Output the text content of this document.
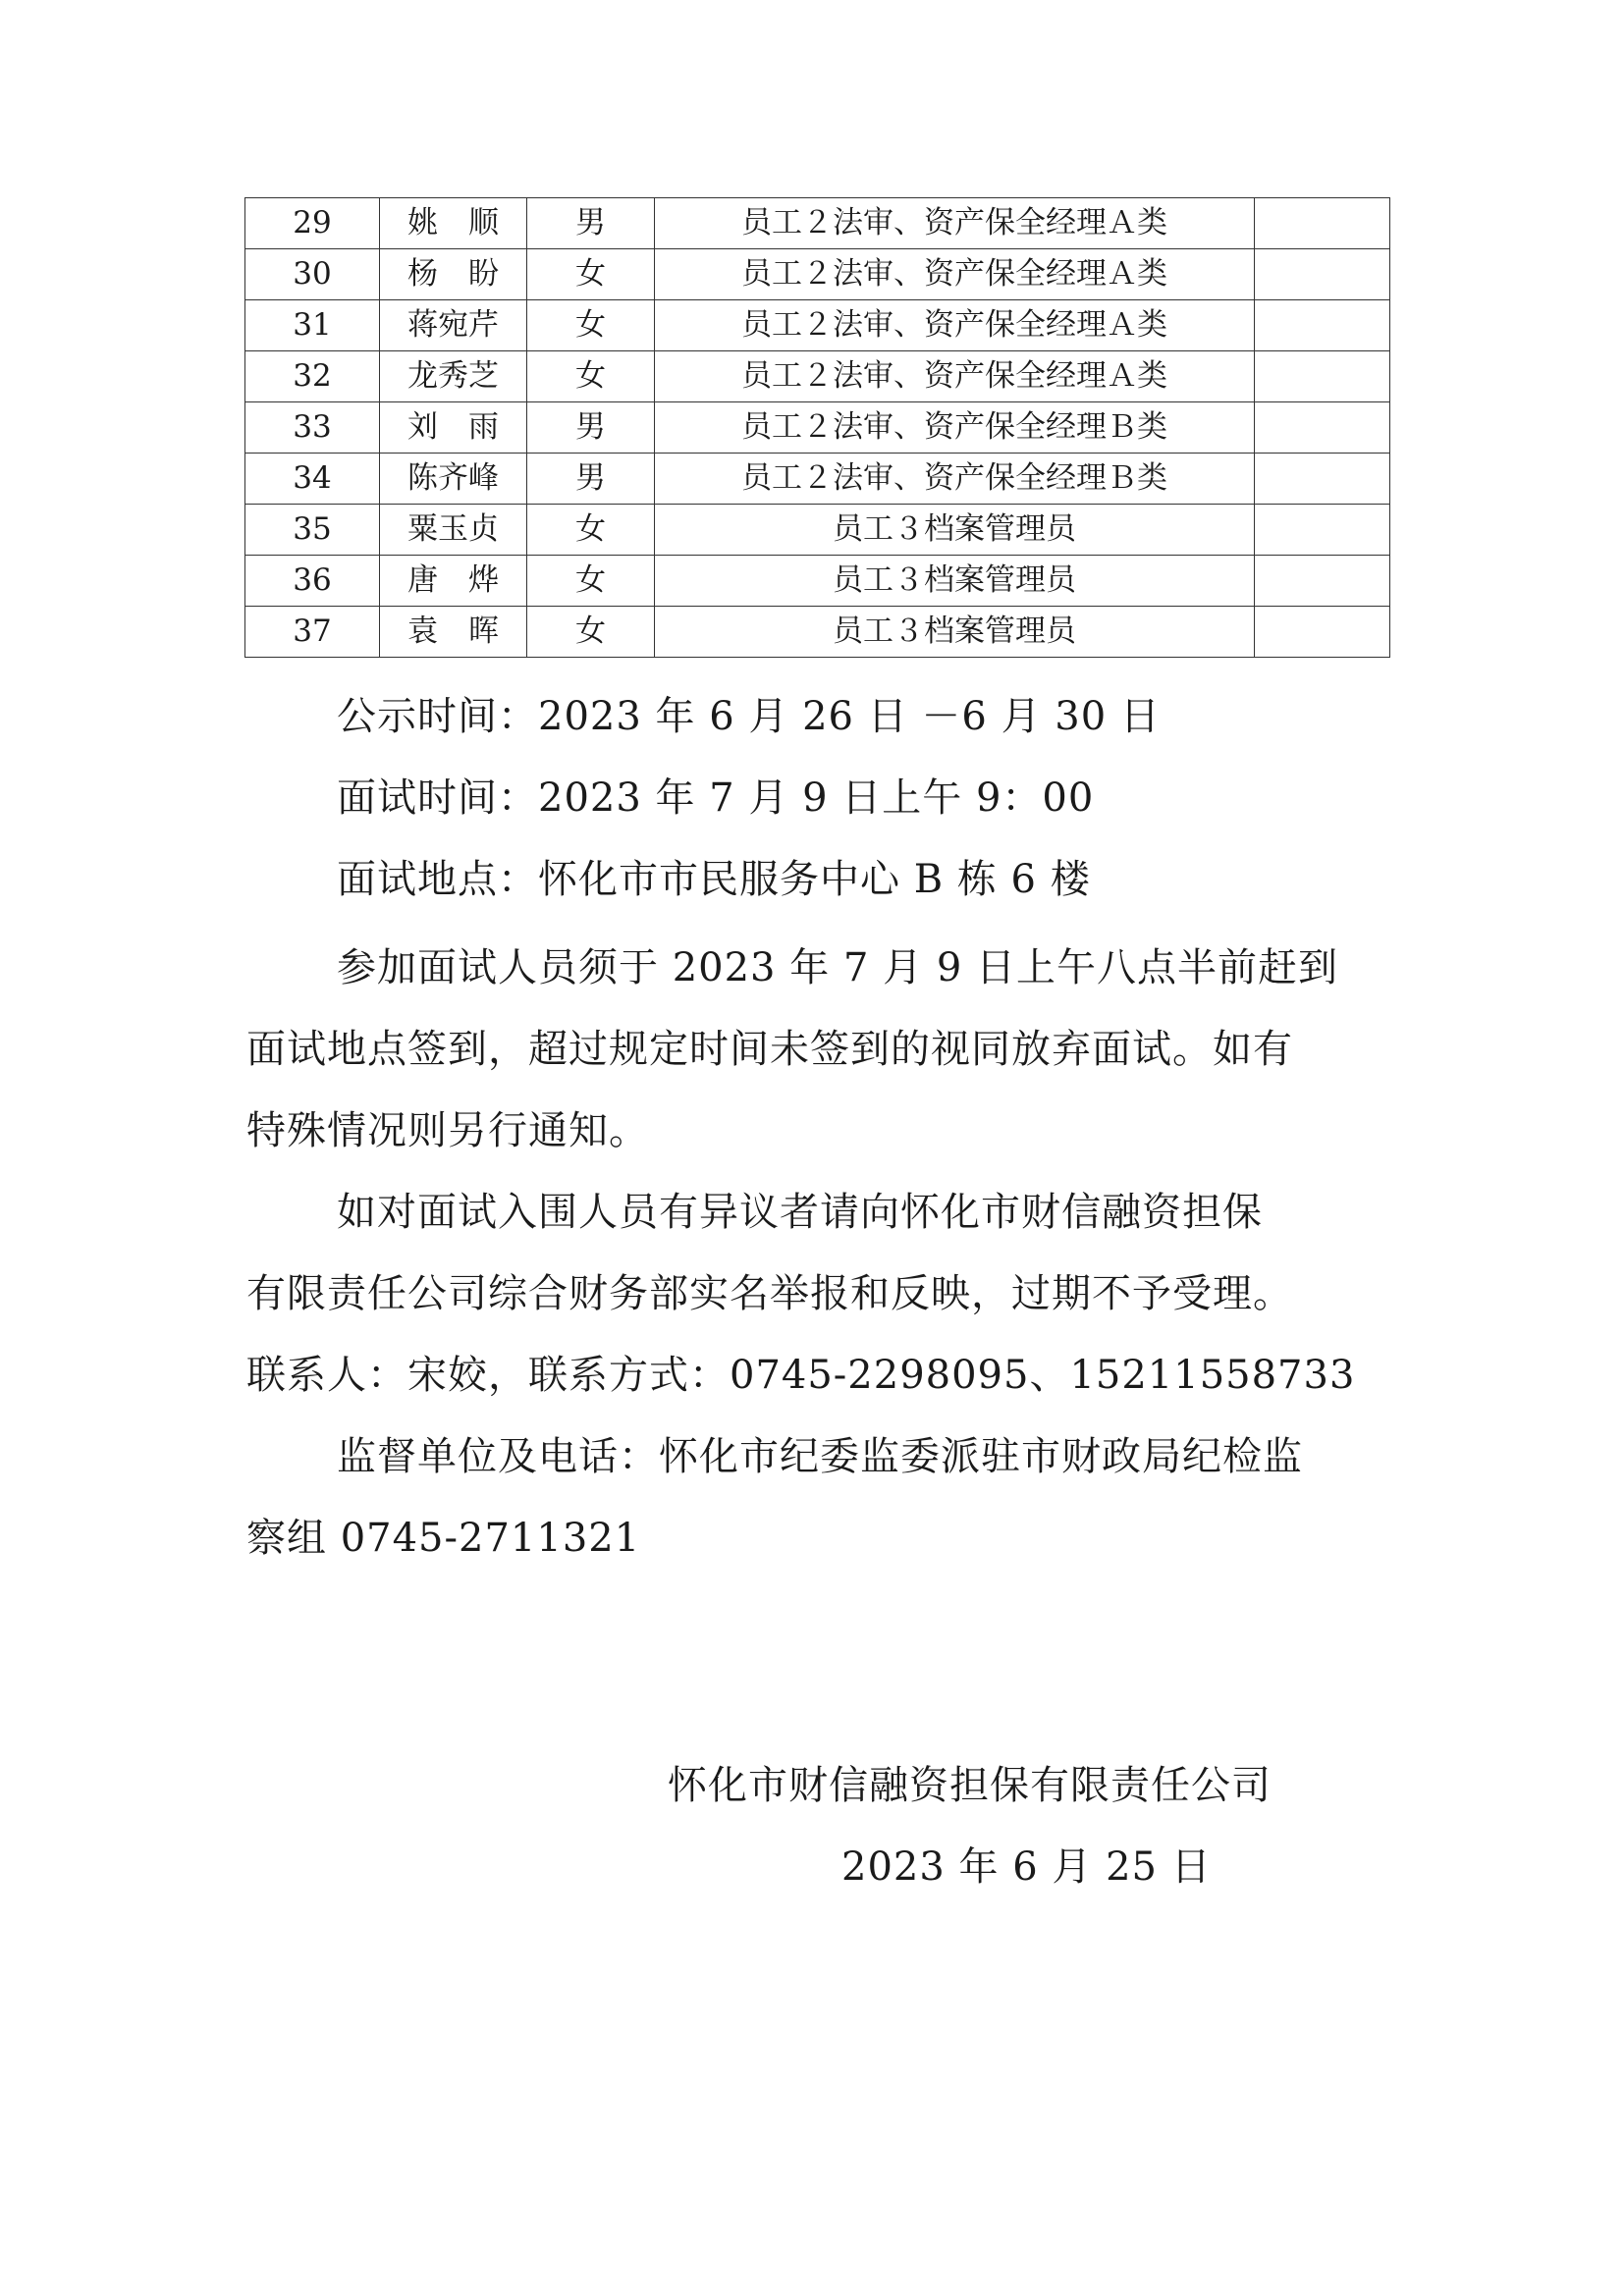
29	姚　顺	男	员工２法审、资产保全经理Ａ类	
30	杨　盼	女	员工２法审、资产保全经理Ａ类	
31	蒋宛芹	女	员工２法审、资产保全经理Ａ类	
32	龙秀芝	女	员工２法审、资产保全经理Ａ类	
33	刘　雨	男	员工２法审、资产保全经理Ｂ类	
34	陈齐峰	男	员工２法审、资产保全经理Ｂ类	
35	粟玉贞	女	员工３档案管理员	
36	唐　烨	女	员工３档案管理员	
37	袁　晖	女	员工３档案管理员	
公示时间：2023 年 6 月 26 日 －6 月 30 日
面试时间：2023 年 7 月 9 日上午 9：00
面试地点：怀化市市民服务中心 B 栋 6 楼
参加面试人员须于 2023 年 7 月 9 日上午八点半前赶到
面试地点签到，超过规定时间未签到的视同放弃面试。如有
特殊情况则另行通知。
如对面试入围人员有异议者请向怀化市财信融资担保
有限责任公司综合财务部实名举报和反映，过期不予受理。
联系人：宋姣，联系方式：0745-2298095、15211558733
监督单位及电话：怀化市纪委监委派驻市财政局纪检监
察组 0745-2711321
怀化市财信融资担保有限责任公司
2023 年 6 月 25 日
